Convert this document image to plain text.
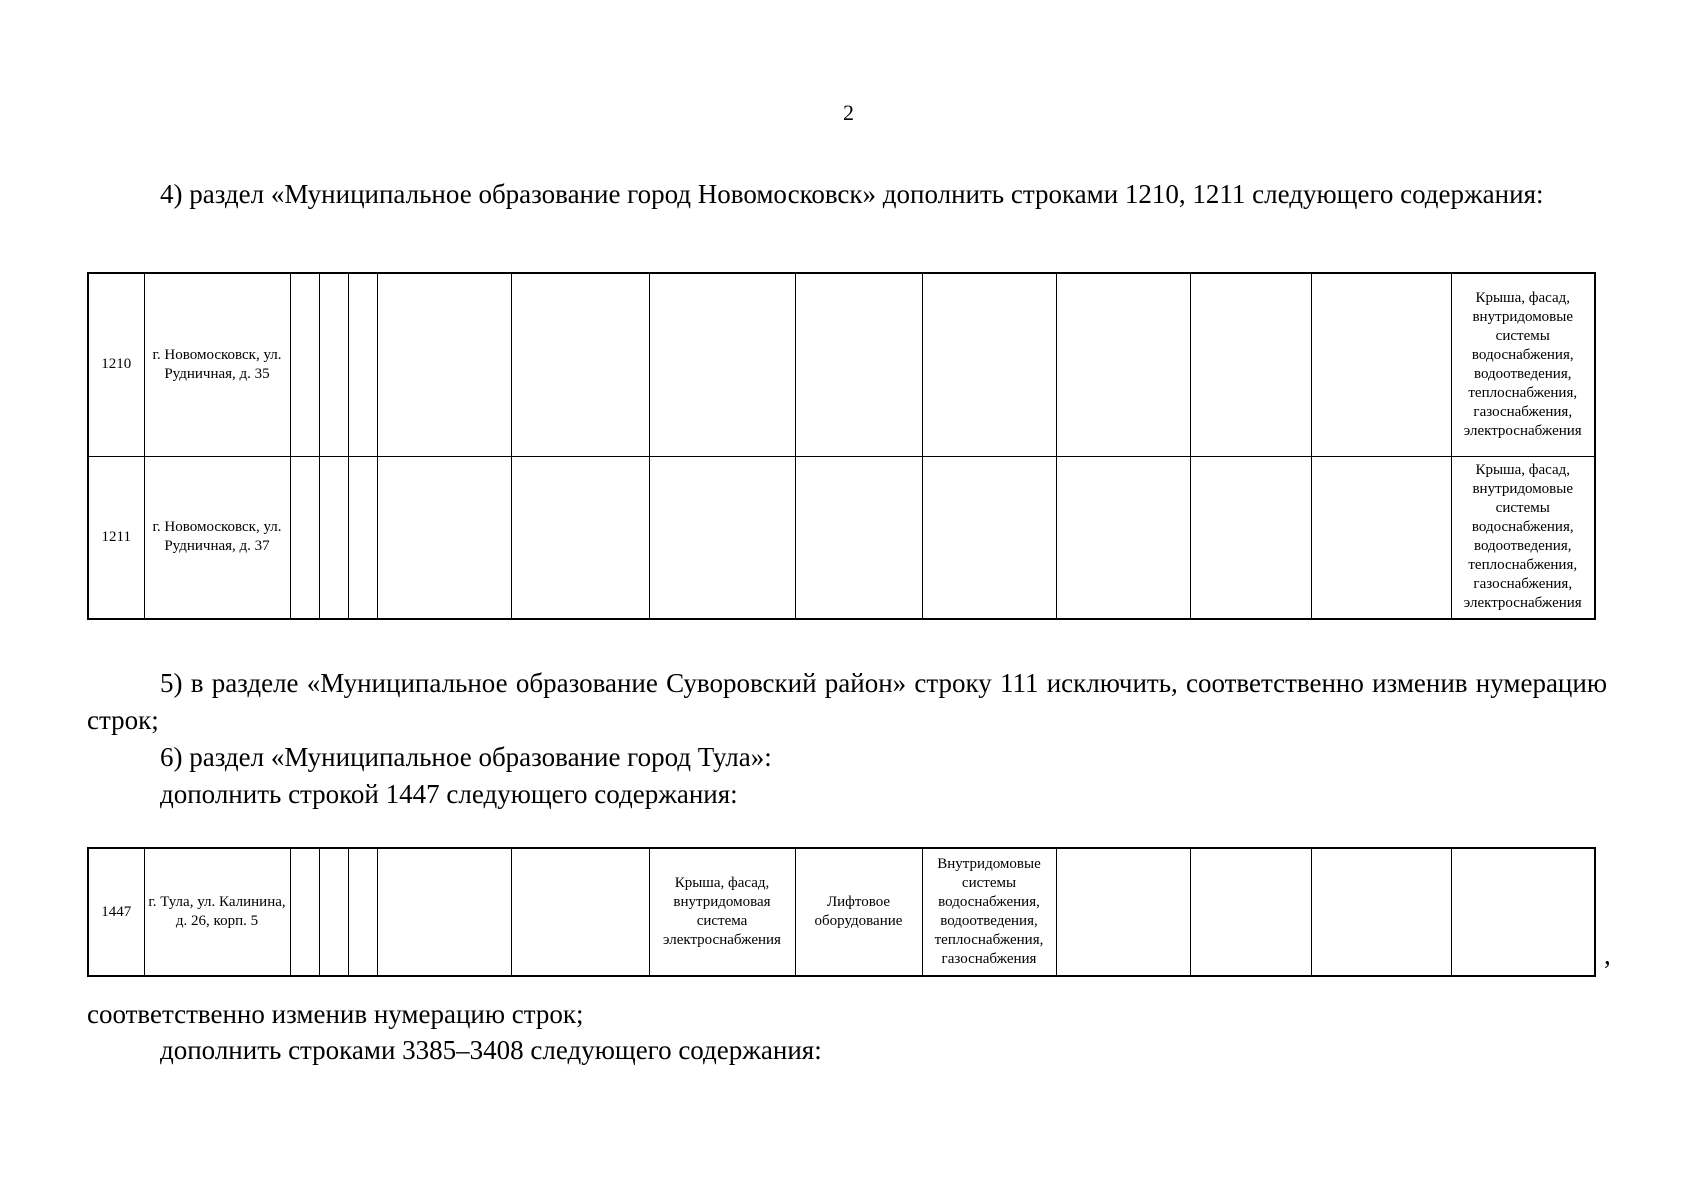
2
4) раздел «Муниципальное образование город Новомосковск» дополнить строками 1210, 1211 следующего содержания:
1210	г. Новомосковск, ул. Рудничная, д. 35												Крыша, фасад, внутридомовые системы водоснабжения, водоотведения, теплоснабжения, газоснабжения, электроснабжения
1211	г. Новомосковск, ул. Рудничная, д. 37												Крыша, фасад, внутридомовые системы водоснабжения, водоотведения, теплоснабжения, газоснабжения, электроснабжения
5) в разделе «Муниципальное образование Суворовский район» строку 111 исключить, соответственно изменив нумерацию строк;
6) раздел «Муниципальное образование город Тула»:
дополнить строкой 1447 следующего содержания:
1447	г. Тула, ул. Калинина, д. 26, корп. 5						Крыша, фасад, внутридомовая система электроснабжения	Лифтовое оборудование	Внутридомовые системы водоснабжения, водоотведения, теплоснабжения, газоснабжения					,
соответственно изменив нумерацию строк;
дополнить строками 3385–3408 следующего содержания:
